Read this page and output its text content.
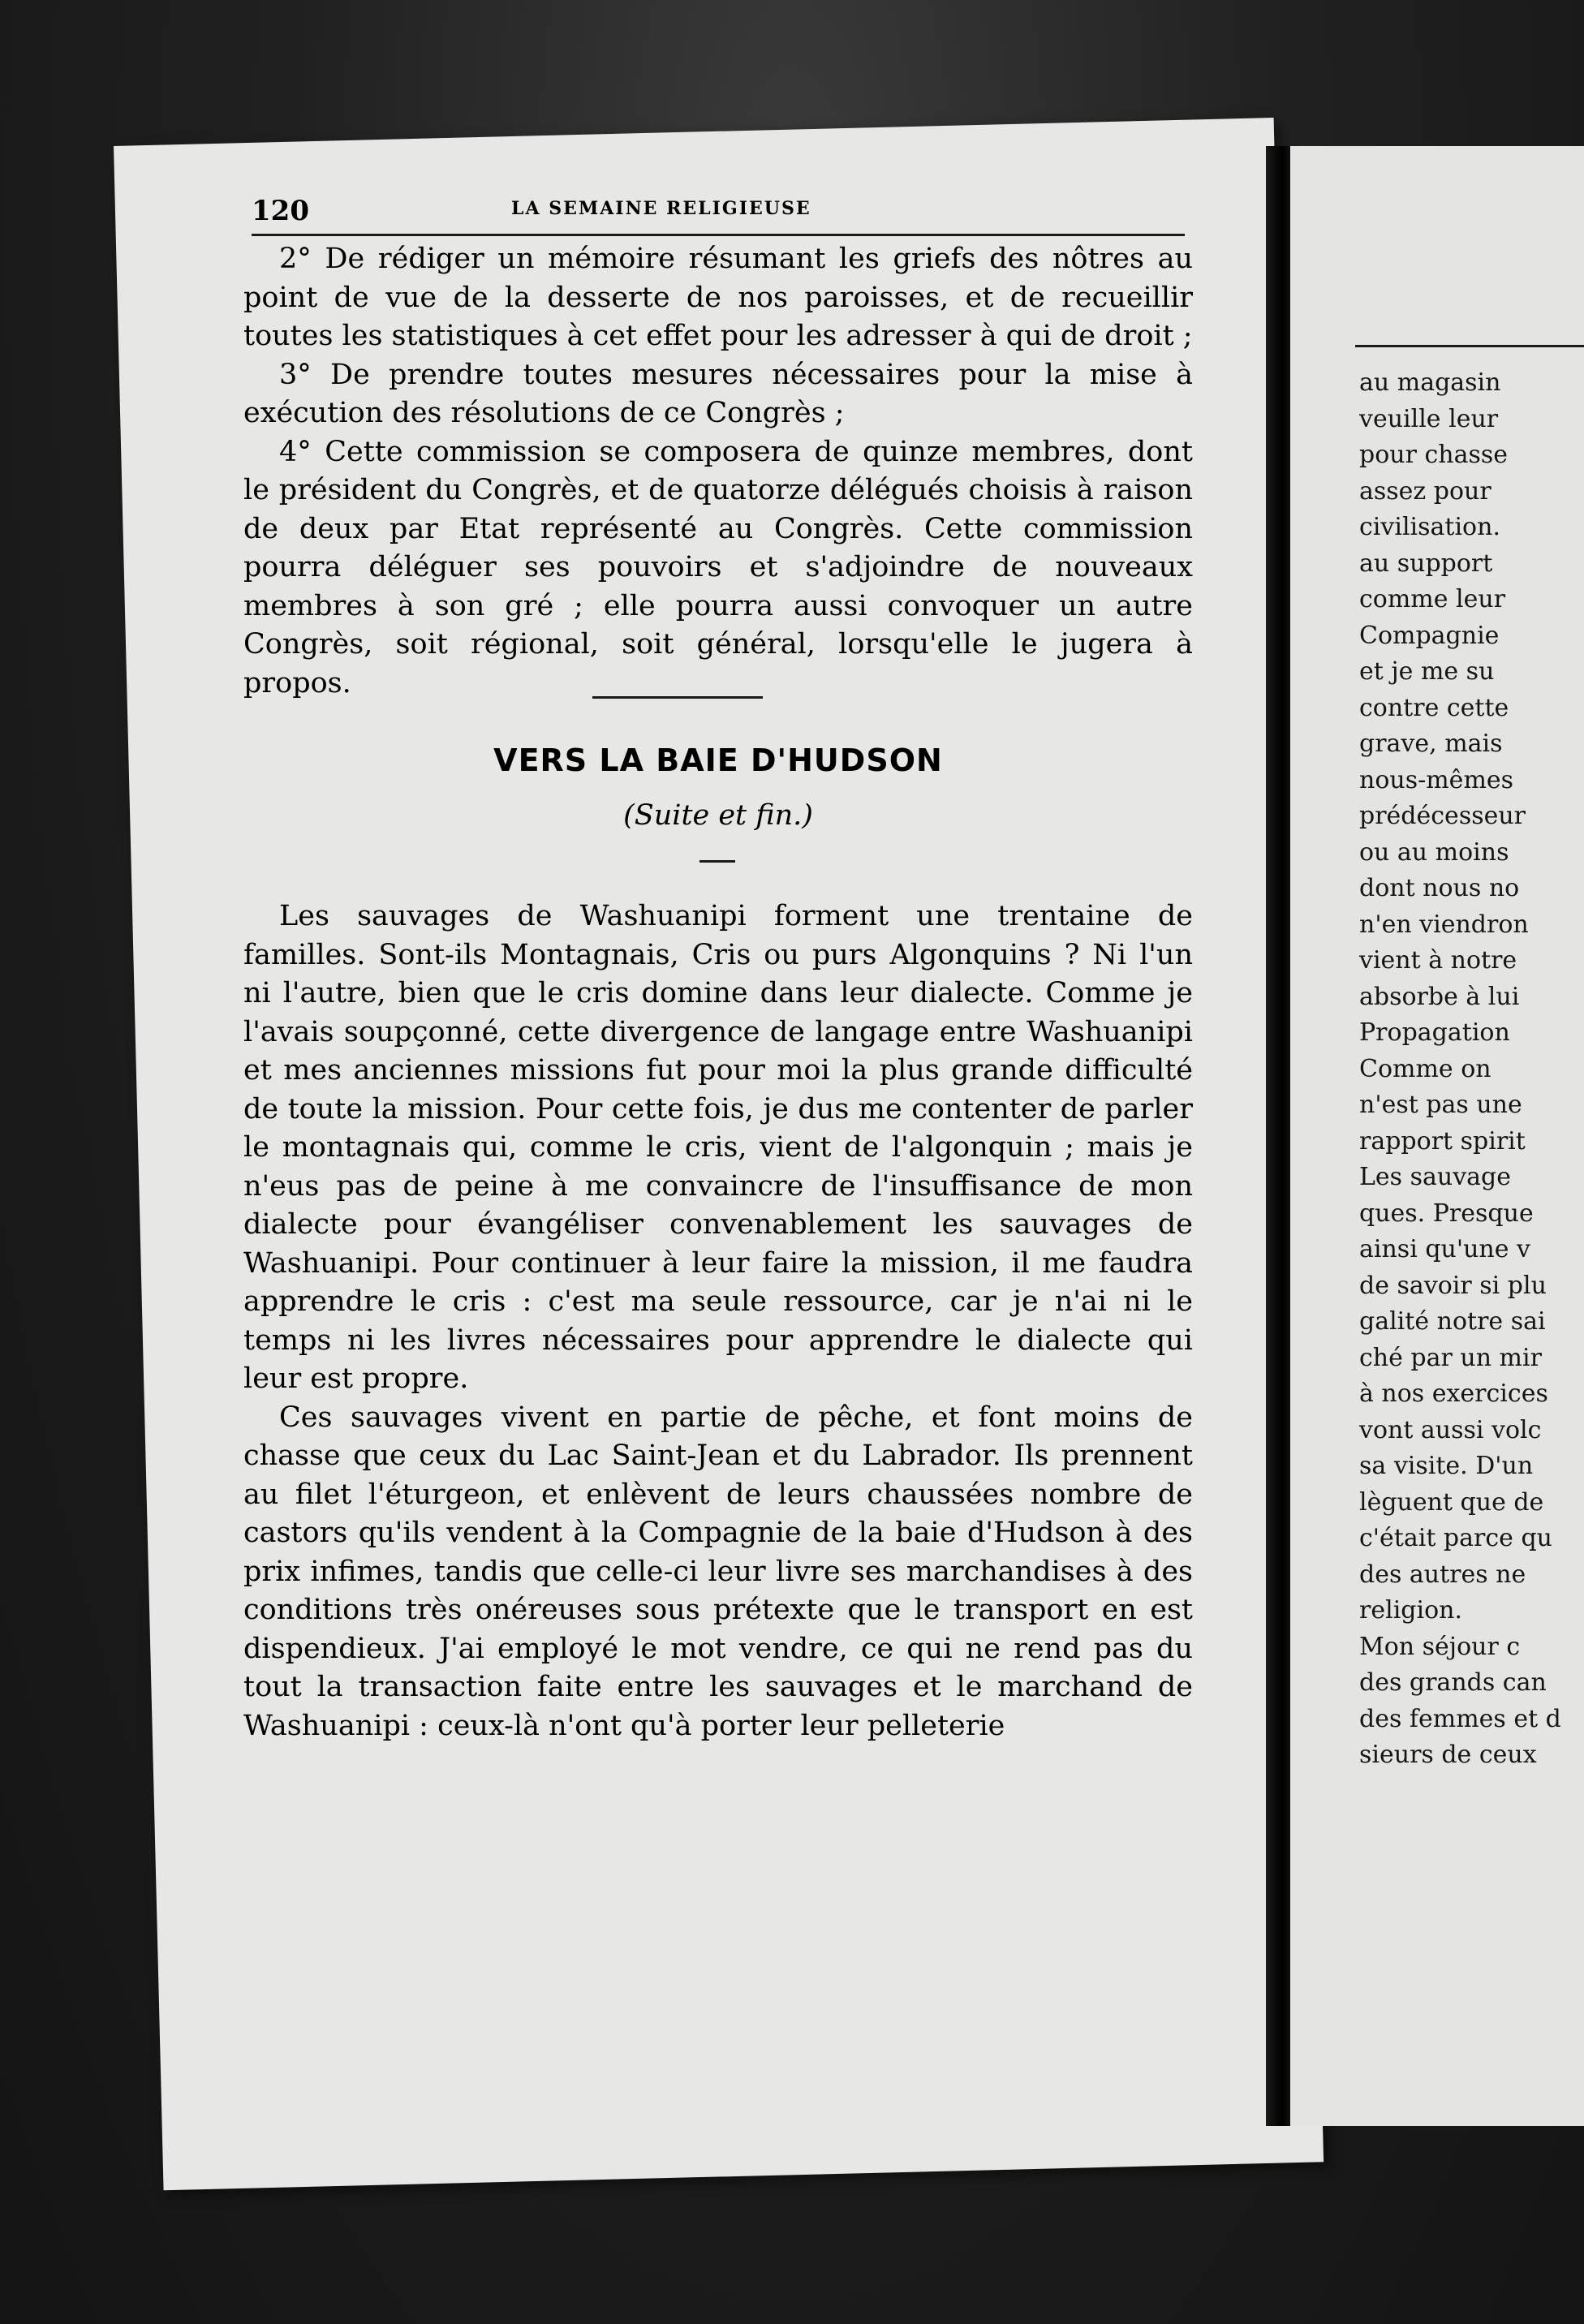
au magasin
veuille leur
pour chasse
assez pour
civilisation.
au support
comme leur
Compagnie
et je me su
contre cette
grave, mais
nous-mêmes
prédécesseur
ou au moins
dont nous no
n'en viendron
vient à notre
absorbe à lui
Propagation
Comme on
n'est pas une
rapport spirit
Les sauvage
ques. Presque
ainsi qu'une v
de savoir si plu
galité notre sai
ché par un mir
à nos exercices
vont aussi volc
sa visite. D'un
lèguent que de
c'était parce qu
des autres ne
religion.
Mon séjour c
des grands can
des femmes et d
sieurs de ceux
120	LA SEMAINE RELIGIEUSE

2° De rédiger un mémoire résumant les griefs des nôtres au point de vue de la desserte de nos paroisses, et de recueillir toutes les statistiques à cet effet pour les adresser à qui de droit ;

3° De prendre toutes mesures nécessaires pour la mise à exécution des résolutions de ce Congrès ;

4° Cette commission se composera de quinze membres, dont le président du Congrès, et de quatorze délégués choisis à raison de deux par Etat représenté au Congrès. Cette commission pourra déléguer ses pouvoirs et s'adjoindre de nouveaux membres à son gré ; elle pourra aussi convoquer un autre Congrès, soit régional, soit général, lorsqu'elle le jugera à propos.

VERS LA BAIE D'HUDSON
(Suite et fin.)

Les sauvages de Washuanipi forment une trentaine de familles. Sont-ils Montagnais, Cris ou purs Algonquins ? Ni l'un ni l'autre, bien que le cris domine dans leur dialecte. Comme je l'avais soupçonné, cette divergence de langage entre Washuanipi et mes anciennes missions fut pour moi la plus grande difficulté de toute la mission. Pour cette fois, je dus me contenter de parler le montagnais qui, comme le cris, vient de l'algonquin ; mais je n'eus pas de peine à me convaincre de l'insuffisance de mon dialecte pour évangéliser convenablement les sauvages de Washuanipi. Pour continuer à leur faire la mission, il me faudra apprendre le cris : c'est ma seule ressource, car je n'ai ni le temps ni les livres nécessaires pour apprendre le dialecte qui leur est propre.

Ces sauvages vivent en partie de pêche, et font moins de chasse que ceux du Lac Saint-Jean et du Labrador. Ils prennent au filet l'éturgeon, et enlèvent de leurs chaussées nombre de castors qu'ils vendent à la Compagnie de la baie d'Hudson à des prix infimes, tandis que celle-ci leur livre ses marchandises à des conditions très onéreuses sous prétexte que le transport en est dispendieux. J'ai employé le mot vendre, ce qui ne rend pas du tout la transaction faite entre les sauvages et le marchand de Washuanipi : ceux-là n'ont qu'à porter leur pelleterie
